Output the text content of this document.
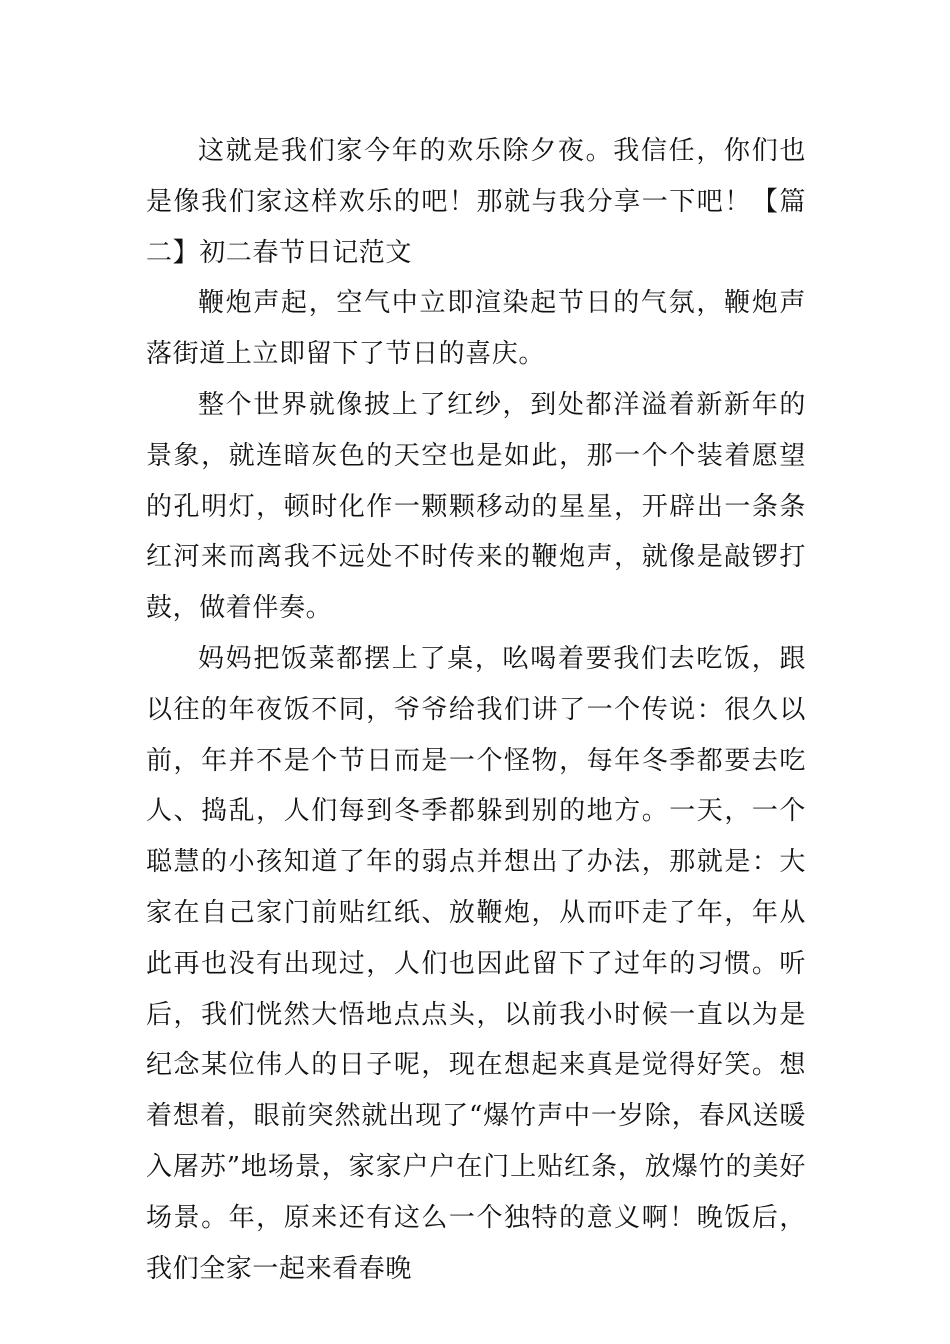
这就是我们家今年的欢乐除夕夜。我信任，你们也是像我们家这样欢乐的吧！那就与我分享一下吧！【篇二】初二春节日记范文

鞭炮声起，空气中立即渲染起节日的气氛，鞭炮声落街道上立即留下了节日的喜庆。

整个世界就像披上了红纱，到处都洋溢着新新年的景象，就连暗灰色的天空也是如此，那一个个装着愿望的孔明灯，顿时化作一颗颗移动的星星，开辟出一条条红河来而离我不远处不时传来的鞭炮声，就像是敲锣打鼓，做着伴奏。

妈妈把饭菜都摆上了桌，吆喝着要我们去吃饭，跟以往的年夜饭不同，爷爷给我们讲了一个传说：很久以前，年并不是个节日而是一个怪物，每年冬季都要去吃人、捣乱，人们每到冬季都躲到别的地方。一天，一个聪慧的小孩知道了年的弱点并想出了办法，那就是：大家在自己家门前贴红纸、放鞭炮，从而吓走了年，年从此再也没有出现过，人们也因此留下了过年的习惯。听后，我们恍然大悟地点点头，以前我小时候一直以为是纪念某位伟人的日子呢，现在想起来真是觉得好笑。想着想着，眼前突然就出现了“爆竹声中一岁除，春风送暖入屠苏”地场景，家家户户在门上贴红条，放爆竹的美好场景。年，原来还有这么一个独特的意义啊！晚饭后，我们全家一起来看春晚
